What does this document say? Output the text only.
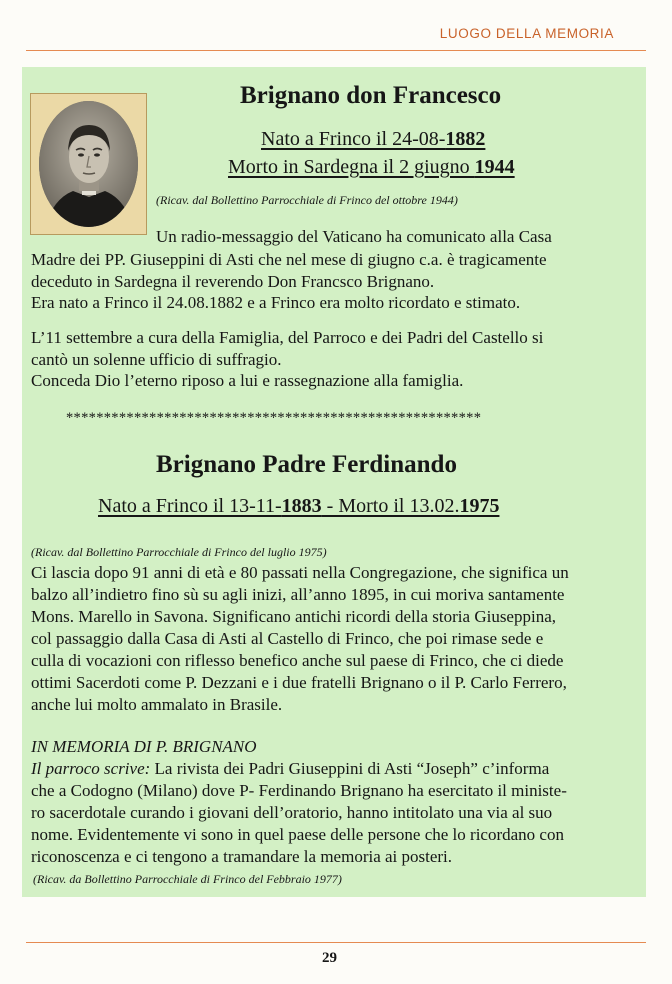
LUOGO DELLA MEMORIA
Brignano don Francesco
Nato a Frinco il 24-08-1882
Morto in Sardegna il 2 giugno 1944
(Ricav. dal Bollettino Parrocchiale di Frinco del ottobre 1944)
Un radio-messaggio del Vaticano ha comunicato alla Casa
Madre dei PP. Giuseppini di Asti che nel mese di giugno c.a. è tragicamente
deceduto in Sardegna il reverendo Don Francsco Brignano.
Era nato a Frinco il 24.08.1882 e a Frinco era molto ricordato e stimato.
L’11 settembre a cura della Famiglia, del Parroco e dei Padri del Castello si
cantò un solenne ufficio di suffragio.
Conceda Dio l’eterno riposo a lui e rassegnazione alla famiglia.
*******************************************************
Brignano Padre Ferdinando
Nato a Frinco il 13-11-1883 - Morto il 13.02.1975
(Ricav. dal Bollettino Parrocchiale di Frinco del luglio 1975)
Ci lascia dopo 91 anni di età e 80 passati nella Congregazione, che significa un
balzo all’indietro fino sù su agli inizi, all’anno 1895, in cui moriva santamente
Mons. Marello in Savona. Significano antichi ricordi della storia Giuseppina,
col passaggio dalla Casa di Asti al Castello di Frinco, che poi rimase sede e
culla di vocazioni con riflesso benefico anche sul paese di Frinco, che ci diede
ottimi Sacerdoti come P. Dezzani e i due fratelli Brignano o il P. Carlo Ferrero,
anche lui molto ammalato in Brasile.
IN MEMORIA DI P. BRIGNANO
Il parroco scrive: La rivista dei Padri Giuseppini di Asti “Joseph” c’informa
che a Codogno (Milano) dove P- Ferdinando Brignano ha esercitato il ministe-
ro sacerdotale curando i giovani dell’oratorio, hanno intitolato una via al suo
nome. Evidentemente vi sono in quel paese delle persone che lo ricordano con
riconoscenza e ci tengono a tramandare la memoria ai posteri.
(Ricav. da Bollettino Parrocchiale di Frinco del Febbraio 1977)
29
